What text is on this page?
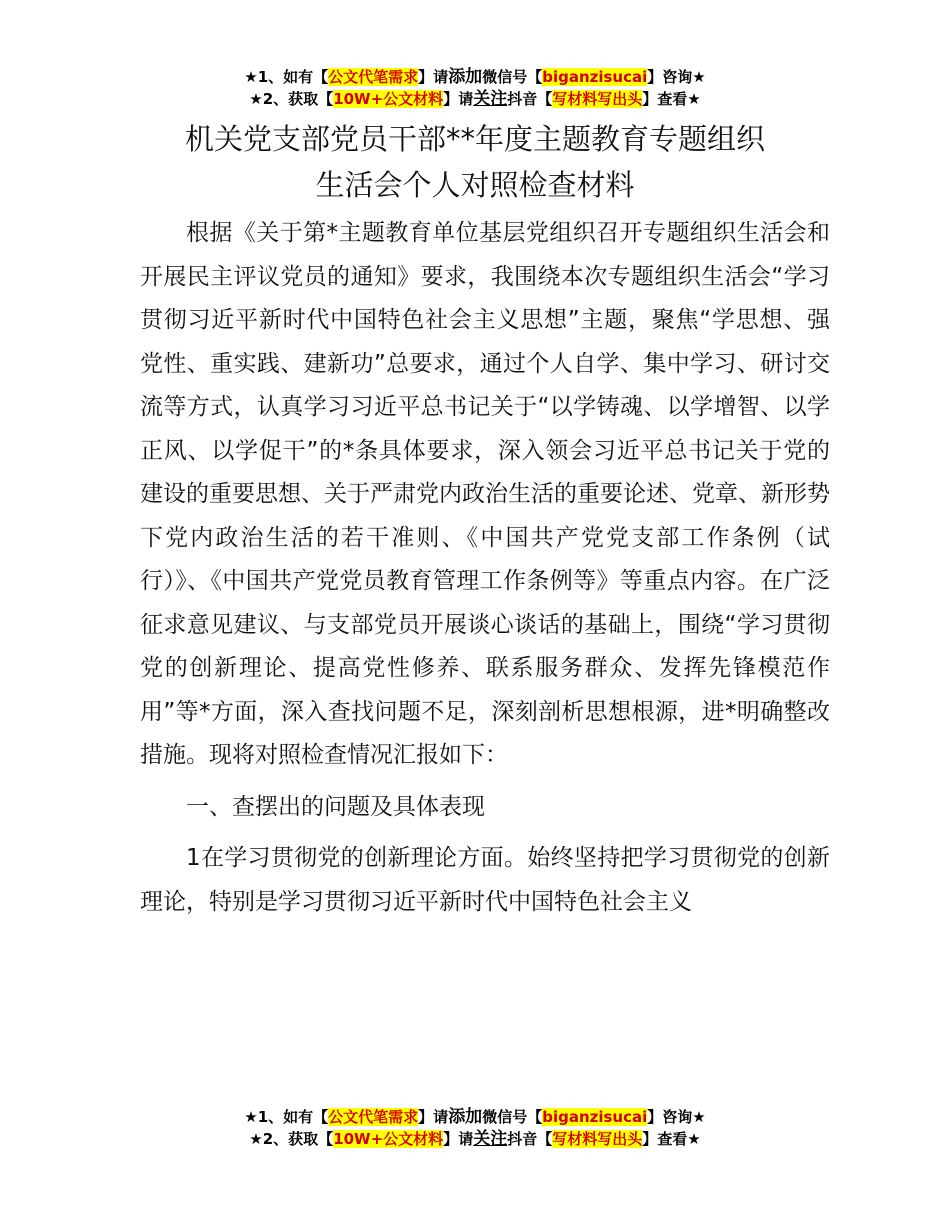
★1、如有【公文代笔需求】请添加微信号【biganzisucai】咨询★
★2、获取【10W+公文材料】请关注抖音【写材料写出头】查看★
机关党支部党员干部**年度主题教育专题组织
生活会个人对照检查材料

根据《关于第*主题教育单位基层党组织召开专题组织生活会和开展民主评议党员的通知》要求，我围绕本次专题组织生活会“学习贯彻习近平新时代中国特色社会主义思想”主题，聚焦“学思想、强党性、重实践、建新功”总要求，通过个人自学、集中学习、研讨交流等方式，认真学习习近平总书记关于“以学铸魂、以学增智、以学正风、以学促干”的*条具体要求，深入领会习近平总书记关于党的建设的重要思想、关于严肃党内政治生活的重要论述、党章、新形势下党内政治生活的若干准则、《中国共产党党支部工作条例（试行）》、《中国共产党党员教育管理工作条例等》等重点内容。在广泛征求意见建议、与支部党员开展谈心谈话的基础上，围绕“学习贯彻党的创新理论、提高党性修养、联系服务群众、发挥先锋模范作用”等*方面，深入查找问题不足，深刻剖析思想根源，进*明确整改措施。现将对照检查情况汇报如下：

一、查摆出的问题及具体表现

1在学习贯彻党的创新理论方面。始终坚持把学习贯彻党的创新理论，特别是学习贯彻习近平新时代中国特色社会主义

★1、如有【公文代笔需求】请添加微信号【biganzisucai】咨询★
★2、获取【10W+公文材料】请关注抖音【写材料写出头】查看★
